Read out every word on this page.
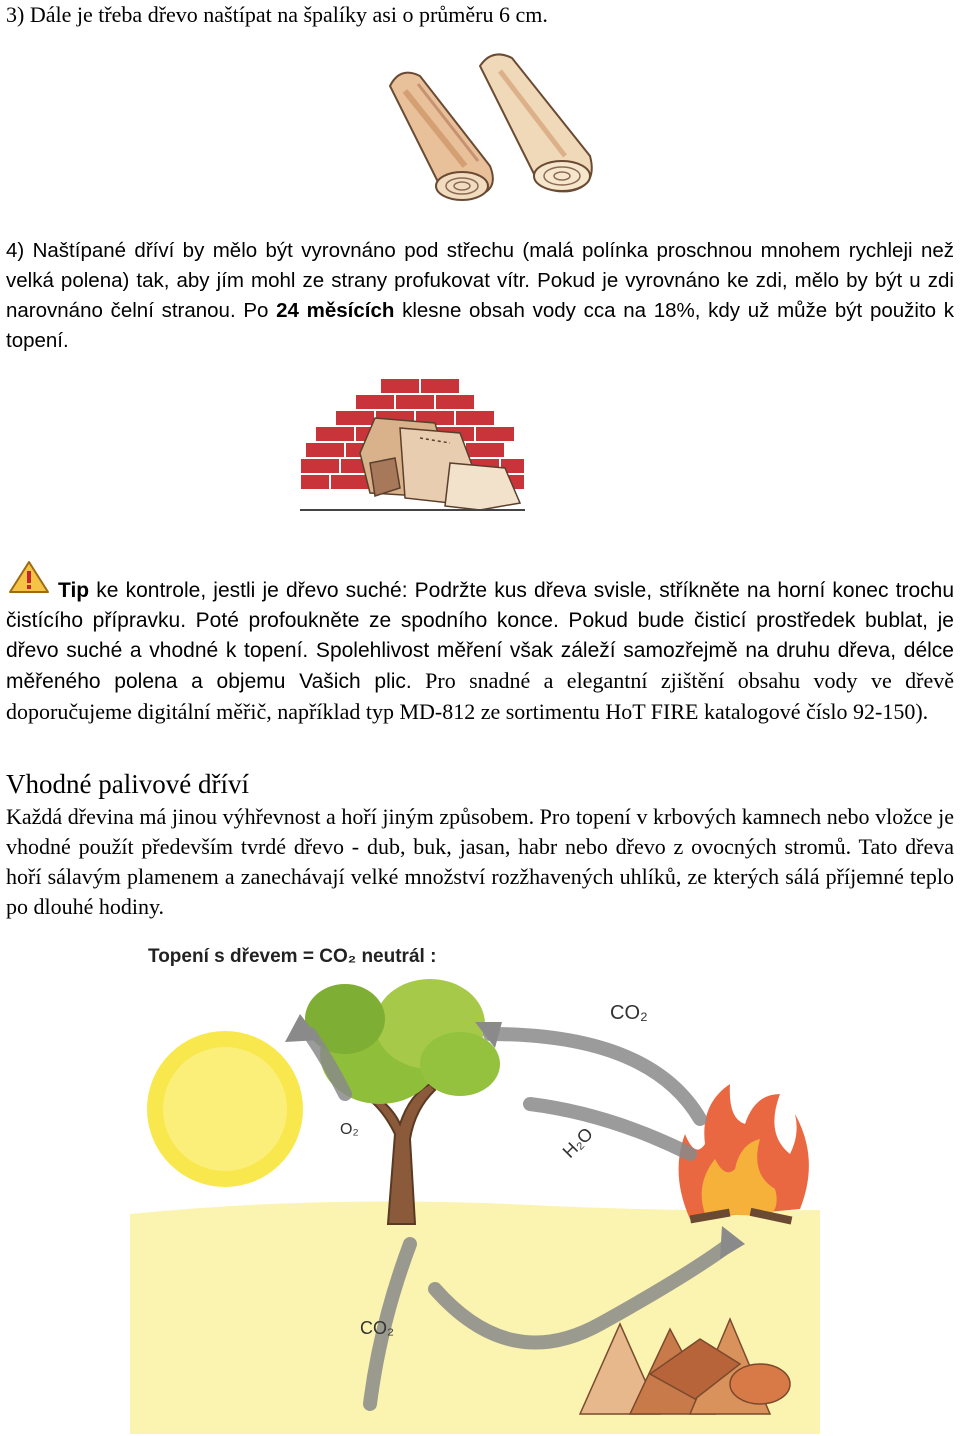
3) Dále je třeba dřevo naštípat na špalíky asi o průměru 6 cm.

4) Naštípané dříví by mělo být vyrovnáno pod střechu (malá polínka proschnou mnohem rychleji než velká polena) tak, aby jím mohl ze strany profukovat vítr. Pokud je vyrovnáno ke zdi, mělo by být u zdi narovnáno čelní stranou. Po 24 měsících klesne obsah vody cca na 18%, kdy už může být použito k topení.

Tip ke kontrole, jestli je dřevo suché: Podržte kus dřeva svisle, stříkněte na horní konec trochu čistícího přípravku. Poté profoukněte ze spodního konce. Pokud bude čisticí prostředek bublat, je dřevo suché a vhodné k topení. Spolehlivost měření však záleží samozřejmě na druhu dřeva, délce měřeného polena a objemu Vašich plic. Pro snadné a elegantní zjištění obsahu vody ve dřevě doporučujeme digitální měřič, například typ MD-812 ze sortimentu HoT FIRE katalogové číslo 92-150).

Vhodné palivové dříví

Každá dřevina má jinou výhřevnost a hoří jiným způsobem. Pro topení v krbových kamnech nebo vložce je vhodné použít především tvrdé dřevo - dub, buk, jasan, habr nebo dřevo z ovocných stromů. Tato dřeva hoří sálavým plamenem a zanechávají velké množství rozžhavených uhlíků, ze kterých sálá příjemné teplo po dlouhé hodiny.

Topení s dřevem = CO₂ neutrál :
O₂
CO₂
H₂O
CO₂
